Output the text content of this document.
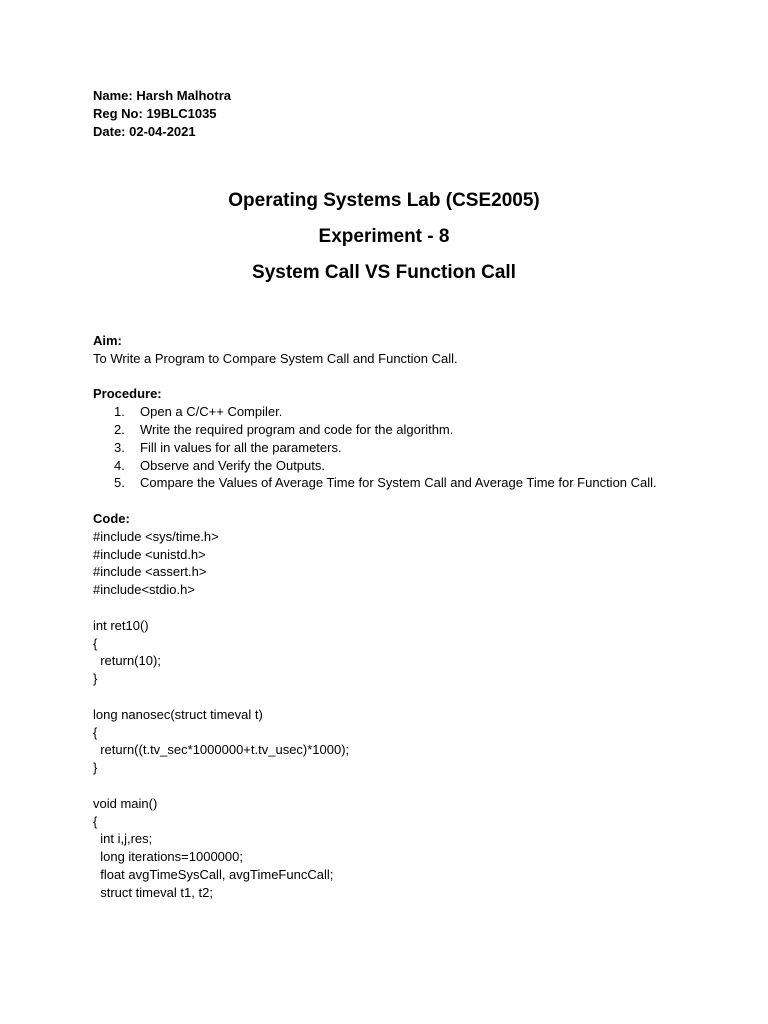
Name: Harsh Malhotra
Reg No: 19BLC1035
Date: 02-04-2021
Operating Systems Lab (CSE2005)
Experiment - 8
System Call VS Function Call
Aim:
To Write a Program to Compare System Call and Function Call.
Procedure:
1. Open a C/C++ Compiler.
2. Write the required program and code for the algorithm.
3. Fill in values for all the parameters.
4. Observe and Verify the Outputs.
5. Compare the Values of Average Time for System Call and Average Time for Function Call.
Code:
#include <sys/time.h>
#include <unistd.h>
#include <assert.h>
#include<stdio.h>
int ret10()
{
return(10);
}
long nanosec(struct timeval t)
{
return((t.tv_sec*1000000+t.tv_usec)*1000);
}
void main()
{
int i,j,res;
long iterations=1000000;
float avgTimeSysCall, avgTimeFuncCall;
struct timeval t1, t2;
